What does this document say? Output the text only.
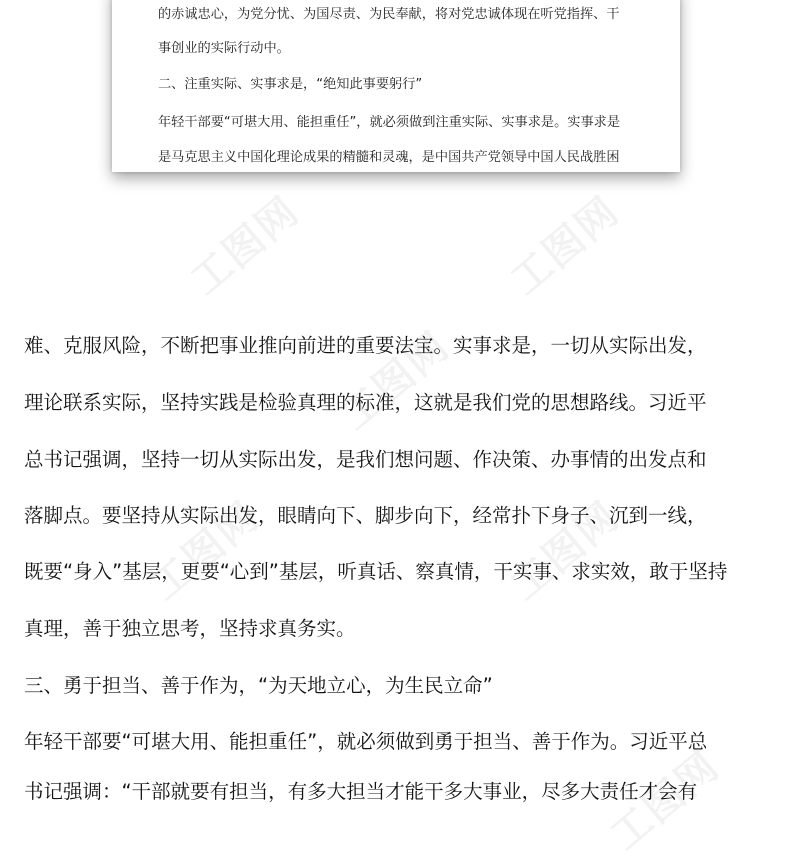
的赤诚忠心，为党分忧、为国尽责、为民奉献，将对党忠诚体现在听党指挥、干

事创业的实际行动中。

二、注重实际、实事求是，“绝知此事要躬行”

年轻干部要“可堪大用、能担重任”，就必须做到注重实际、实事求是。实事求是

是马克思主义中国化理论成果的精髓和灵魂，是中国共产党领导中国人民战胜困

工图网	工图网
工图网
工图网	工图网
工图网

难、克服风险，不断把事业推向前进的重要法宝。实事求是，一切从实际出发，

理论联系实际，坚持实践是检验真理的标准，这就是我们党的思想路线。习近平

总书记强调，坚持一切从实际出发，是我们想问题、作决策、办事情的出发点和

落脚点。要坚持从实际出发，眼睛向下、脚步向下，经常扑下身子、沉到一线，

既要“身入”基层，更要“心到”基层，听真话、察真情，干实事、求实效，敢于坚持

真理，善于独立思考，坚持求真务实。

三、勇于担当、善于作为，“为天地立心，为生民立命”

年轻干部要“可堪大用、能担重任”，就必须做到勇于担当、善于作为。习近平总

书记强调：“干部就要有担当，有多大担当才能干多大事业，尽多大责任才会有
